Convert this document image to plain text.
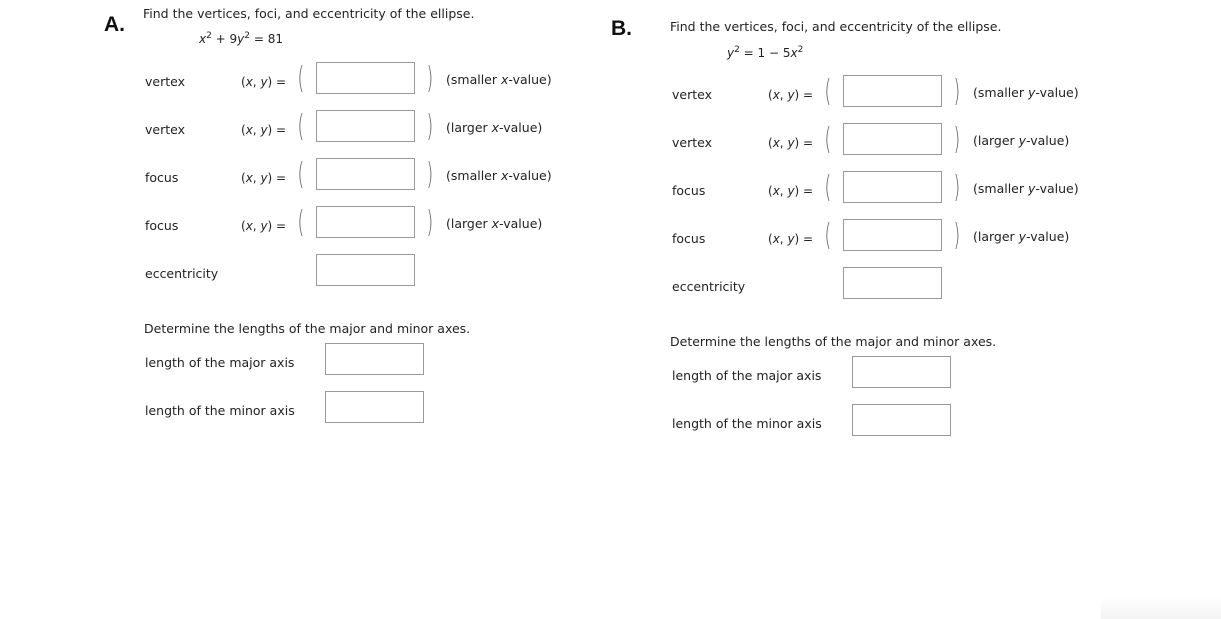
A. Find the vertices, foci, and eccentricity of the ellipse.
$x^2 + 9y^2 = 81$
vertex	(x, y) = (	) (smaller x-value)
vertex	(x, y) = (	) (larger x-value)
focus	(x, y) = (	) (smaller x-value)
focus	(x, y) = (	) (larger x-value)
eccentricity
Determine the lengths of the major and minor axes.
length of the major axis
length of the minor axis
B.	Find the vertices, foci, and eccentricity of the ellipse.
$y^2 = 1 - 5x^2$
vertex	(x, y) = (	) (smaller y-value)
vertex	(x, y) = (	) (larger y-value)
focus	(x, y) = (	) (smaller y-value)
focus	(x, y) = (	) (larger y-value)
eccentricity
Determine the lengths of the major and minor axes.
length of the major axis
length of the minor axis
